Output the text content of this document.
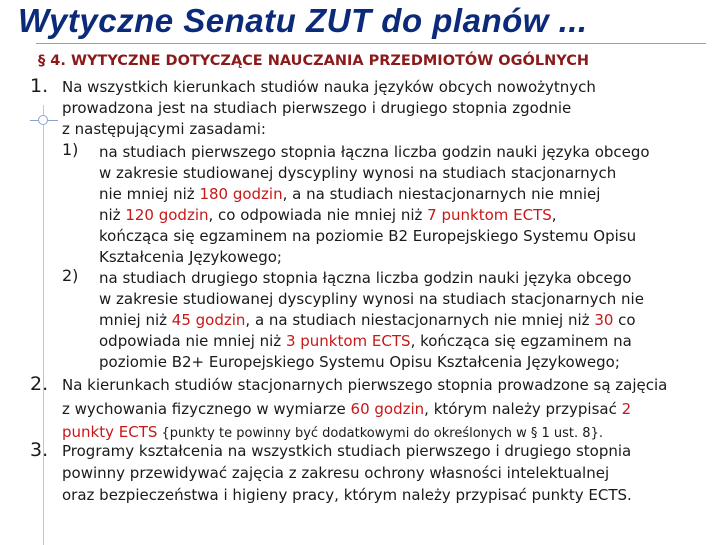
Wytyczne Senatu ZUT do planów ...
§ 4. WYTYCZNE DOTYCZĄCE NAUCZANIA PRZEDMIOTÓW OGÓLNYCH
1. Na wszystkich kierunkach studiów nauka języków obcych nowożytnych
prowadzona jest na studiach pierwszego i drugiego stopnia zgodnie
z następującymi zasadami:
1) na studiach pierwszego stopnia łączna liczba godzin nauki języka obcego
w zakresie studiowanej dyscypliny wynosi na studiach stacjonarnych
nie mniej niż 180 godzin, a na studiach niestacjonarnych nie mniej
niż 120 godzin, co odpowiada nie mniej niż 7 punktom ECTS,
kończąca się egzaminem na poziomie B2 Europejskiego Systemu Opisu
Kształcenia Językowego;
2) na studiach drugiego stopnia łączna liczba godzin nauki języka obcego
w zakresie studiowanej dyscypliny wynosi na studiach stacjonarnych nie
mniej niż 45 godzin, a na studiach niestacjonarnych nie mniej niż 30 co
odpowiada nie mniej niż 3 punktom ECTS, kończąca się egzaminem na
poziomie B2+ Europejskiego Systemu Opisu Kształcenia Językowego;
2. Na kierunkach studiów stacjonarnych pierwszego stopnia prowadzone są zajęcia
z wychowania fizycznego w wymiarze 60 godzin, którym należy przypisać 2
punkty ECTS {punkty te powinny być dodatkowymi do określonych w § 1 ust. 8}.
3. Programy kształcenia na wszystkich studiach pierwszego i drugiego stopnia
powinny przewidywać zajęcia z zakresu ochrony własności intelektualnej
oraz bezpieczeństwa i higieny pracy, którym należy przypisać punkty ECTS.
